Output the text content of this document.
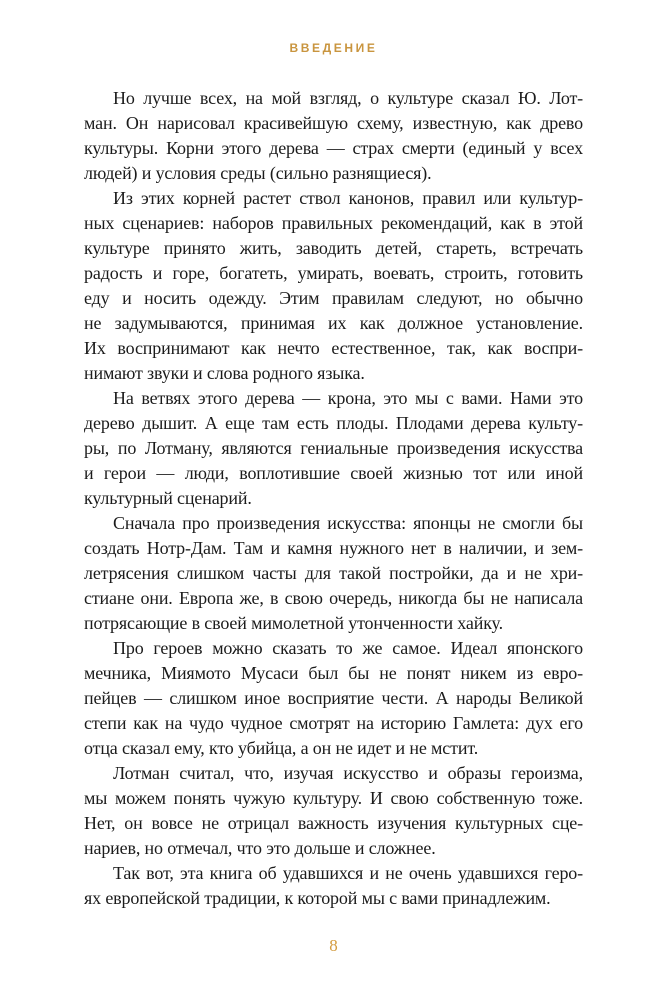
ВВЕДЕНИЕ
Но лучше всех, на мой взгляд, о культуре сказал Ю. Лот-
ман. Он нарисовал красивейшую схему, известную, как древо
культуры. Корни этого дерева — страх смерти (единый у всех
людей) и условия среды (сильно разнящиеся).
Из этих корней растет ствол канонов, правил или культур-
ных сценариев: наборов правильных рекомендаций, как в этой
культуре принято жить, заводить детей, стареть, встречать
радость и горе, богатеть, умирать, воевать, строить, готовить
еду и носить одежду. Этим правилам следуют, но обычно
не задумываются, принимая их как должное установление.
Их воспринимают как нечто естественное, так, как воспри-
нимают звуки и слова родного языка.
На ветвях этого дерева — крона, это мы с вами. Нами это
дерево дышит. А еще там есть плоды. Плодами дерева культу-
ры, по Лотману, являются гениальные произведения искусства
и герои — люди, воплотившие своей жизнью тот или иной
культурный сценарий.
Сначала про произведения искусства: японцы не смогли бы
создать Нотр-Дам. Там и камня нужного нет в наличии, и зем-
летрясения слишком часты для такой постройки, да и не хри-
стиане они. Европа же, в свою очередь, никогда бы не написала
потрясающие в своей мимолетной утонченности хайку.
Про героев можно сказать то же самое. Идеал японского
мечника, Миямото Мусаси был бы не понят никем из евро-
пейцев — слишком иное восприятие чести. А народы Великой
степи как на чудо чудное смотрят на историю Гамлета: дух его
отца сказал ему, кто убийца, а он не идет и не мстит.
Лотман считал, что, изучая искусство и образы героизма,
мы можем понять чужую культуру. И свою собственную тоже.
Нет, он вовсе не отрицал важность изучения культурных сце-
нариев, но отмечал, что это дольше и сложнее.
Так вот, эта книга об удавшихся и не очень удавшихся геро-
ях европейской традиции, к которой мы с вами принадлежим.
8
